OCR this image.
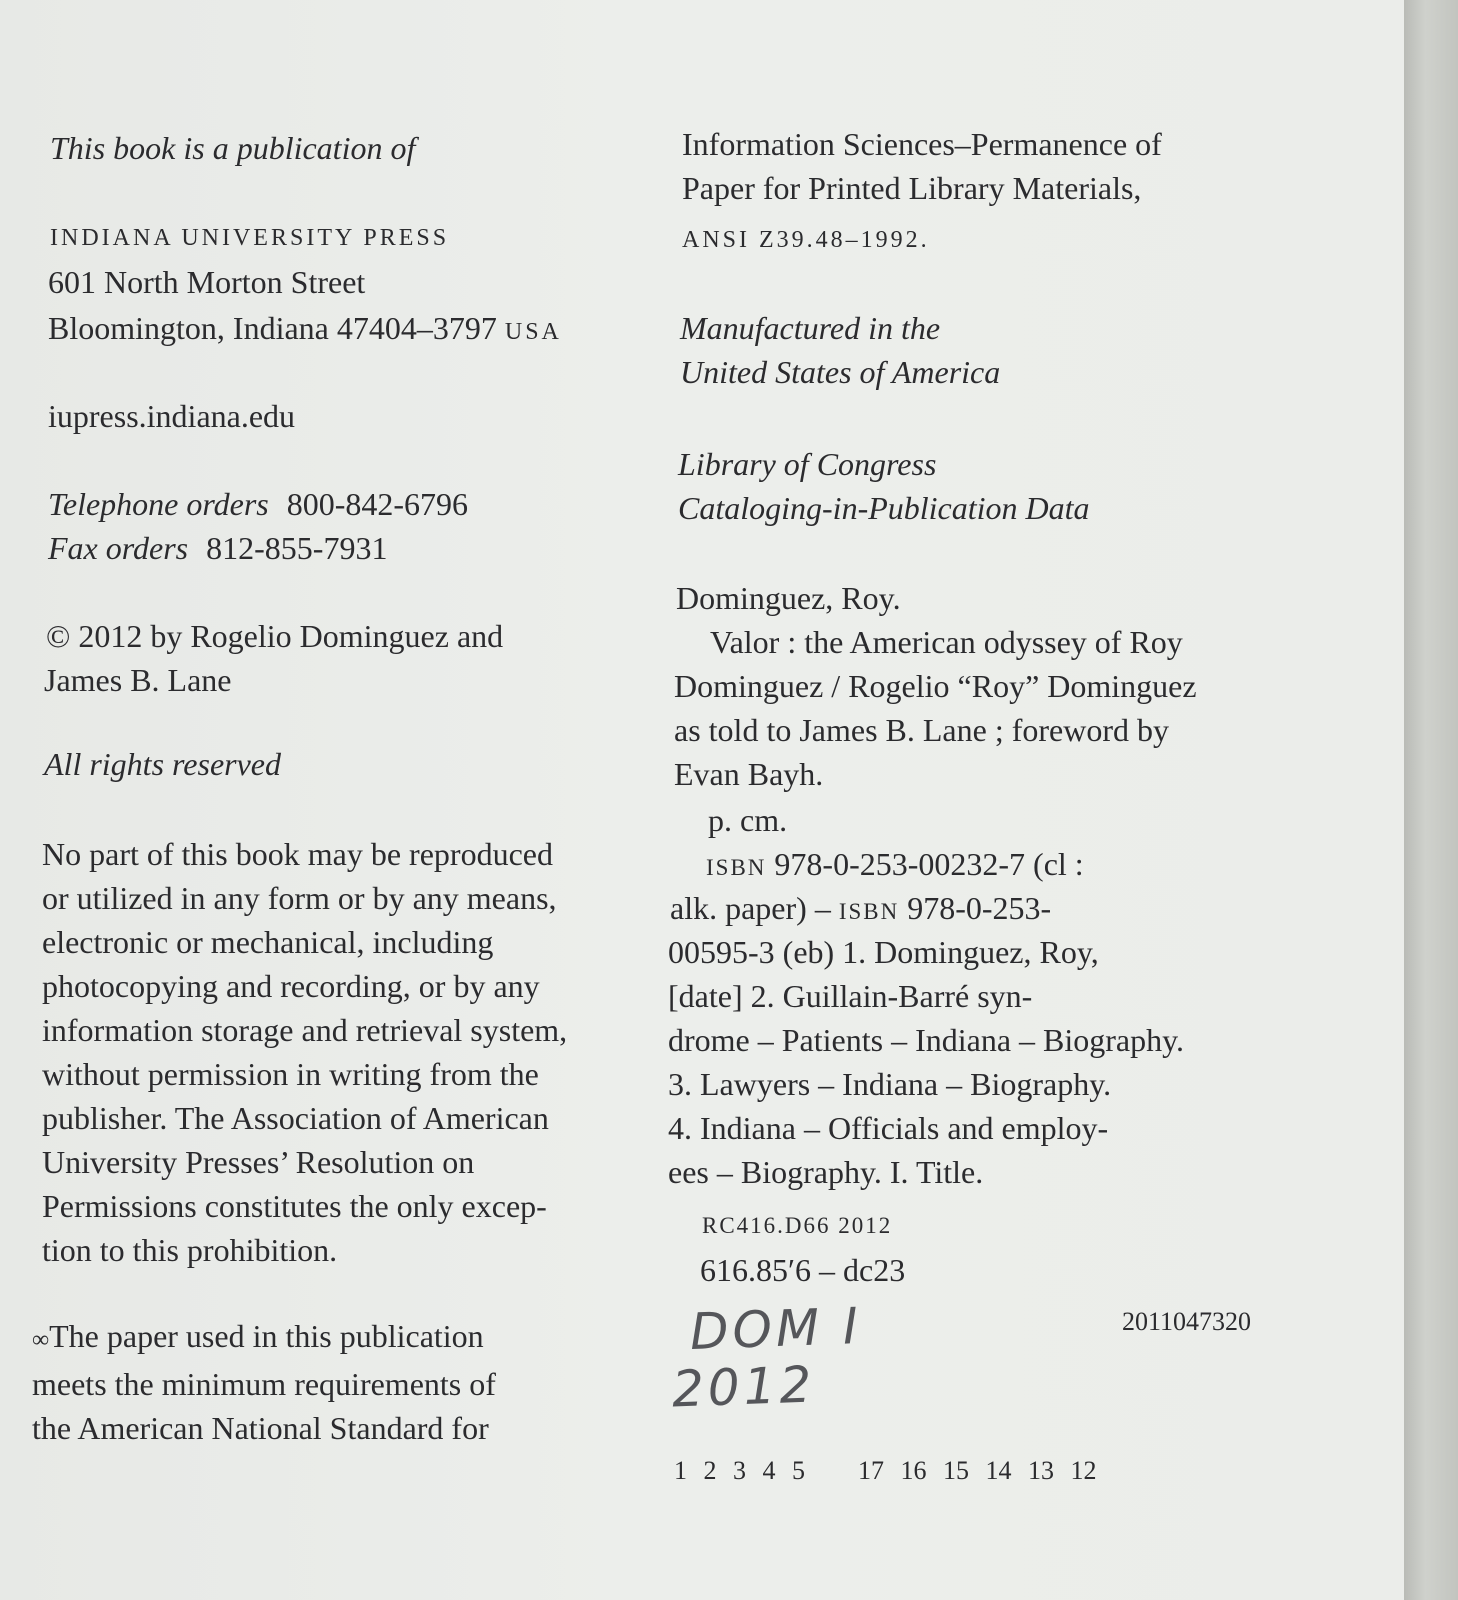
This book is a publication of
INDIANA UNIVERSITY PRESS
601 North Morton Street
Bloomington, Indiana 47404–3797 USA
iupress.indiana.edu
Telephone orders 800-842-6796
Fax orders 812-855-7931
© 2012 by Rogelio Dominguez and
James B. Lane
All rights reserved
No part of this book may be reproduced
or utilized in any form or by any means,
electronic or mechanical, including
photocopying and recording, or by any
information storage and retrieval system,
without permission in writing from the
publisher. The Association of American
University Presses’ Resolution on
Permissions constitutes the only excep-
tion to this prohibition.
∞The paper used in this publication
meets the minimum requirements of
the American National Standard for
Information Sciences–Permanence of
Paper for Printed Library Materials,
ANSI Z39.48–1992.
Manufactured in the
United States of America
Library of Congress
Cataloging-in-Publication Data
Dominguez, Roy.
Valor : the American odyssey of Roy
Dominguez / Rogelio “Roy” Dominguez
as told to James B. Lane ; foreword by
Evan Bayh.
p. cm.
ISBN 978-0-253-00232-7 (cl :
alk. paper) – ISBN 978-0-253-
00595-3 (eb) 1. Dominguez, Roy,
[date] 2. Guillain-Barré syn-
drome – Patients – Indiana – Biography.
3. Lawyers – Indiana – Biography.
4. Indiana – Officials and employ-
ees – Biography. I. Title.
RC416.D66 2012
616.85′6 – dc23
2011047320
DOM I
2012
1 2 3 4 5 17 16 15 14 13 12
